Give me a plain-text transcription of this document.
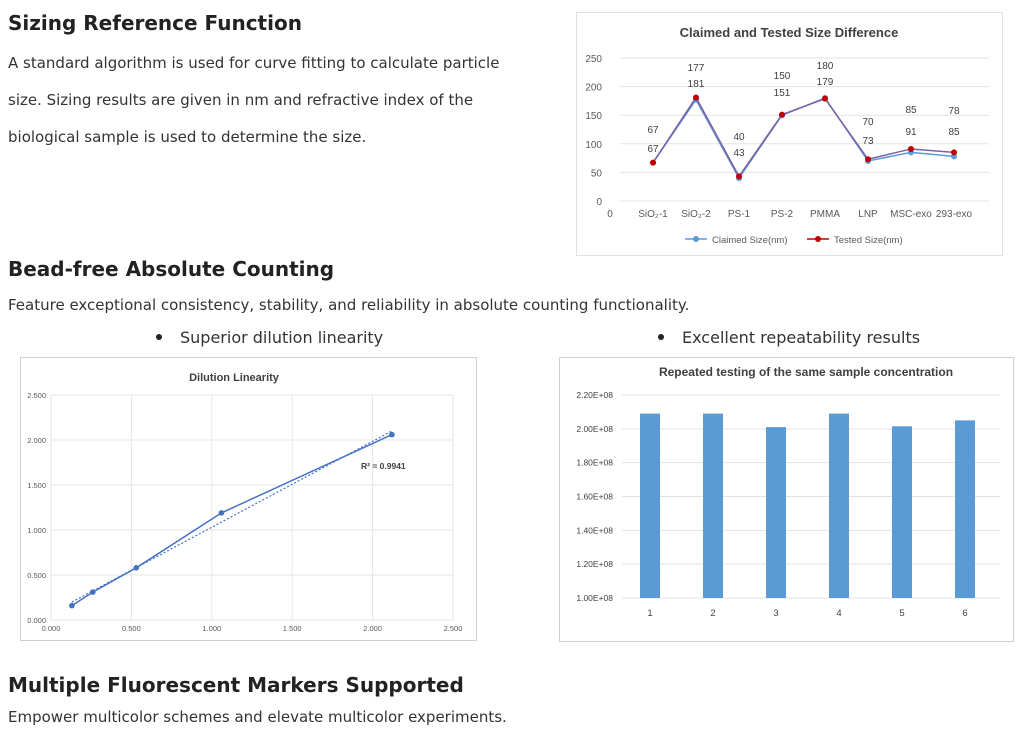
Sizing Reference Function

A standard algorithm is used for curve fitting to calculate particle

size. Sizing results are given in nm and refractive index of the

biological sample is used to determine the size.

Claimed and Tested Size Difference
0
50
100
150
200
250
0	SiO₂-1 SiO₂-2 PS-1 PS-2 PMMA LNP MSC-exo 293-exo
67
177
40
150
180
70
85	78
67
181
43
151
179
73
91	85
Claimed Size(nm)	Tested Size(nm)
Bead-free Absolute Counting

Feature exceptional consistency, stability, and reliability in absolute counting functionality.

Superior dilution linearity	Excellent repeatability results
Dilution Linearity
0.000
0.500
1.000
1.500
2.000
2.500
0.000	0.500	1.000	1.500	2.000	2.500
R² = 0.9941
Repeated testing of the same sample concentration
1.00E+08
1.20E+08
1.40E+08
1.60E+08
1.80E+08
2.00E+08
2.20E+08
1	2	3	4	5	6
Multiple Fluorescent Markers Supported

Empower multicolor schemes and elevate multicolor experiments.
